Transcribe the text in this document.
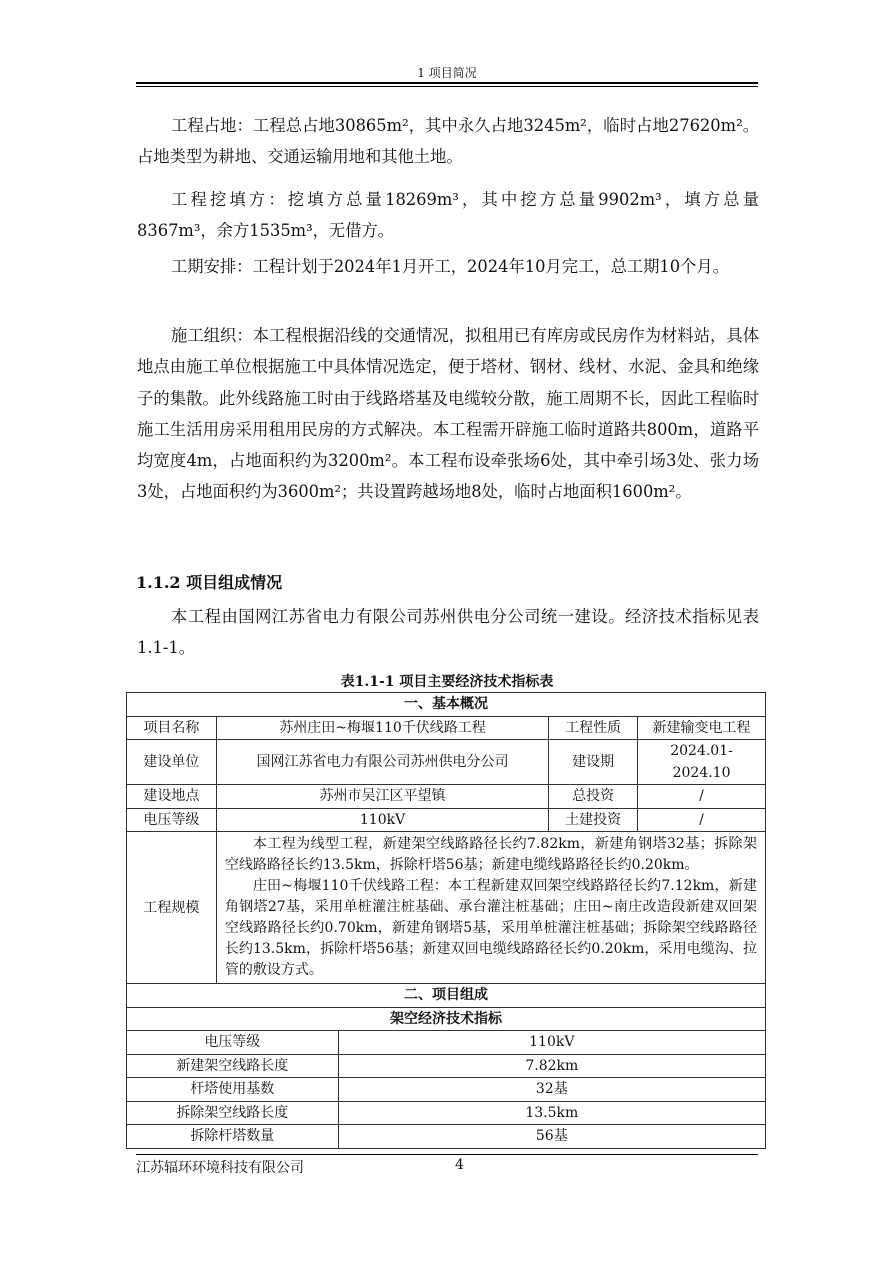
1 项目简况

工程占地：工程总占地30865m²，其中永久占地3245m²，临时占地27620m²。占地类型为耕地、交通运输用地和其他土地。

工程挖填方：挖填方总量18269m³，其中挖方总量9902m³，填方总量8367m³，余方1535m³，无借方。

工期安排：工程计划于2024年1月开工，2024年10月完工，总工期10个月。

施工组织：本工程根据沿线的交通情况，拟租用已有库房或民房作为材料站，具体地点由施工单位根据施工中具体情况选定，便于塔材、钢材、线材、水泥、金具和绝缘子的集散。此外线路施工时由于线路塔基及电缆较分散，施工周期不长，因此工程临时施工生活用房采用租用民房的方式解决。本工程需开辟施工临时道路共800m，道路平均宽度4m，占地面积约为3200m²。本工程布设牵张场6处，其中牵引场3处、张力场3处，占地面积约为3600m²；共设置跨越场地8处，临时占地面积1600m²。

1.1.2 项目组成情况

本工程由国网江苏省电力有限公司苏州供电分公司统一建设。经济技术指标见表1.1-1。

表1.1-1 项目主要经济技术指标表
一、基本概况				
项目名称	苏州庄田~梅堰110千伏线路工程		工程性质	新建输变电工程
建设单位	国网江苏省电力有限公司苏州供电分公司		建设期	2024.01-2024.10
建设地点	苏州市吴江区平望镇		总投资	/
电压等级	110kV		土建投资	/
工程规模	本工程为线型工程，新建架空线路路径长约7.82km，新建角钢塔32基；拆除架空线路路径长约13.5km，拆除杆塔56基；新建电缆线路路径长约0.20km。

庄田~梅堰110千伏线路工程：本工程新建双回架空线路路径长约7.12km，新建角钢塔27基，采用单桩灌注桩基础、承台灌注桩基础；庄田~南庄改造段新建双回架空线路路径长约0.70km，新建角钢塔5基，采用单桩灌注桩基础；拆除架空线路路径长约13.5km，拆除杆塔56基；新建双回电缆线路路径长约0.20km，采用电缆沟、拉管的敷设方式。			

二、项目组成				
架空经济技术指标				
电压等级		110kV		
新建架空线路长度		7.82km		
杆塔使用基数		32基		
拆除架空线路长度		13.5km		
拆除杆塔数量		56基		
江苏辐环环境科技有限公司	4
